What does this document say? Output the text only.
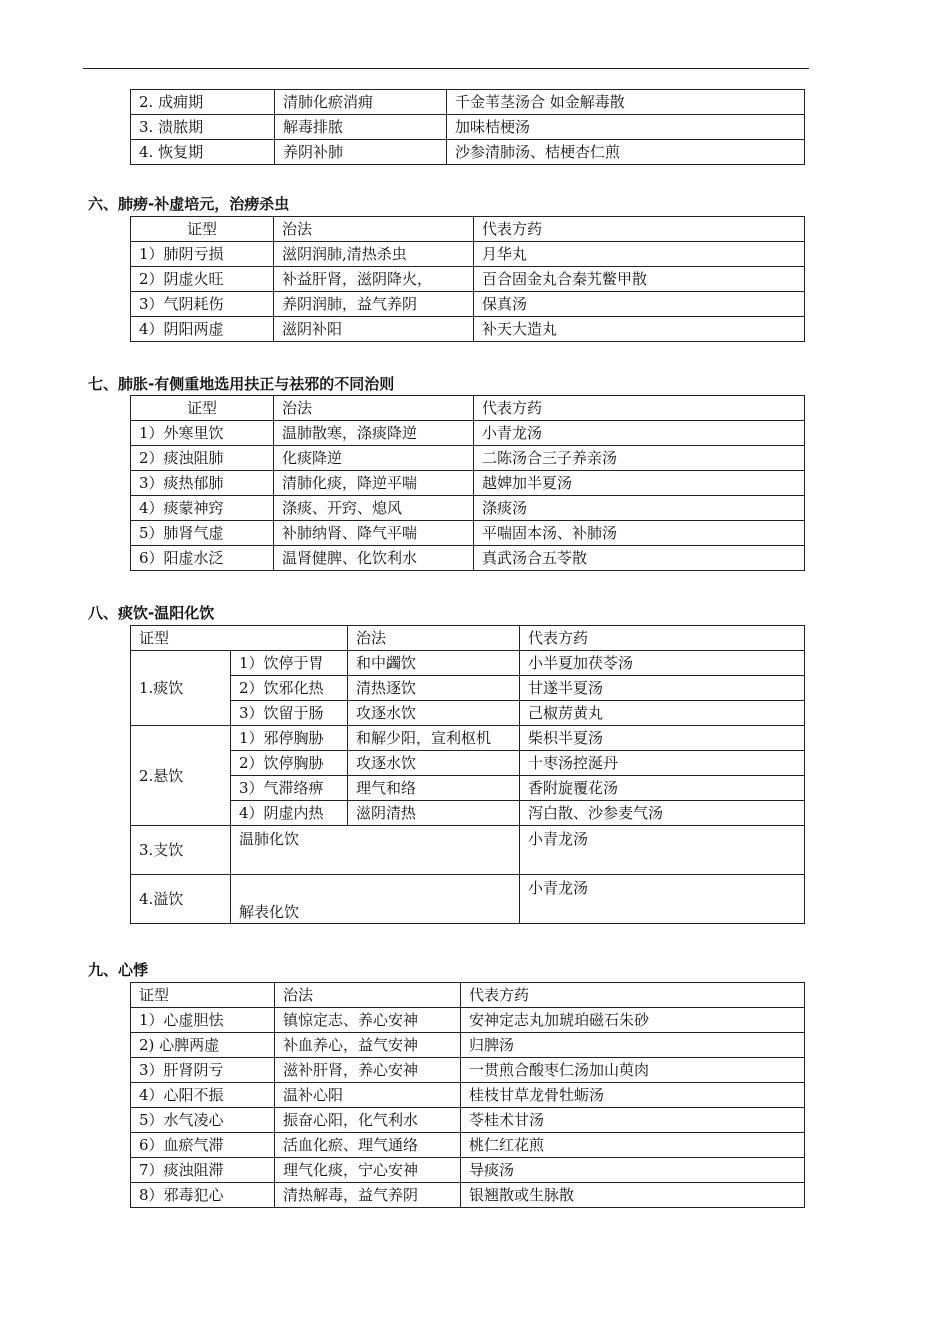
2. 成痈期	清肺化瘀消痈	千金苇茎汤合 如金解毒散
3. 溃脓期	解毒排脓	加味桔梗汤
4. 恢复期	养阴补肺	沙参清肺汤、桔梗杏仁煎
六、肺痨-补虚培元，治痨杀虫
证型	治法	代表方药
1）肺阴亏损	滋阴润肺,清热杀虫	月华丸
2）阴虚火旺	补益肝肾，滋阴降火，	百合固金丸合秦艽鳖甲散
3）气阴耗伤	养阴润肺，益气养阴	保真汤
4）阴阳两虚	滋阴补阳	补天大造丸
七、肺胀-有侧重地选用扶正与祛邪的不同治则
证型	治法	代表方药
1）外寒里饮	温肺散寒，涤痰降逆	小青龙汤
2）痰浊阻肺	化痰降逆	二陈汤合三子养亲汤
3）痰热郁肺	清肺化痰，降逆平喘	越婢加半夏汤
4）痰蒙神窍	涤痰、开窍、熄风	涤痰汤
5）肺肾气虚	补肺纳肾、降气平喘	平喘固本汤、补肺汤
6）阳虚水泛	温肾健脾、化饮利水	真武汤合五苓散
八、痰饮-温阳化饮
证型		治法	代表方药
1.痰饮	1）饮停于胃	和中蠲饮	小半夏加茯苓汤
	2）饮邪化热	清热逐饮	甘遂半夏汤
	3）饮留于肠	攻逐水饮	己椒苈黄丸
2.悬饮	1）邪停胸胁	和解少阳，宣利枢机	柴枳半夏汤
	2）饮停胸胁	攻逐水饮	十枣汤控涎丹
	3）气滞络痹	理气和络	香附旋覆花汤
	4）阴虚内热	滋阴清热	泻白散、沙参麦气汤
3.支饮	温肺化饮		小青龙汤
4.溢饮	解表化饮		小青龙汤
九、心悸
证型	治法	代表方药
1）心虚胆怯	镇惊定志、养心安神	安神定志丸加琥珀磁石朱砂
2) 心脾两虚	补血养心，益气安神	归脾汤
3）肝肾阴亏	滋补肝肾，养心安神	一贯煎合酸枣仁汤加山萸肉
4）心阳不振	温补心阳	桂枝甘草龙骨牡蛎汤
5）水气凌心	振奋心阳，化气利水	苓桂术甘汤
6）血瘀气滞	活血化瘀、理气通络	桃仁红花煎
7）痰浊阻滞	理气化痰，宁心安神	导痰汤
8）邪毒犯心	清热解毒，益气养阴	银翘散或生脉散
